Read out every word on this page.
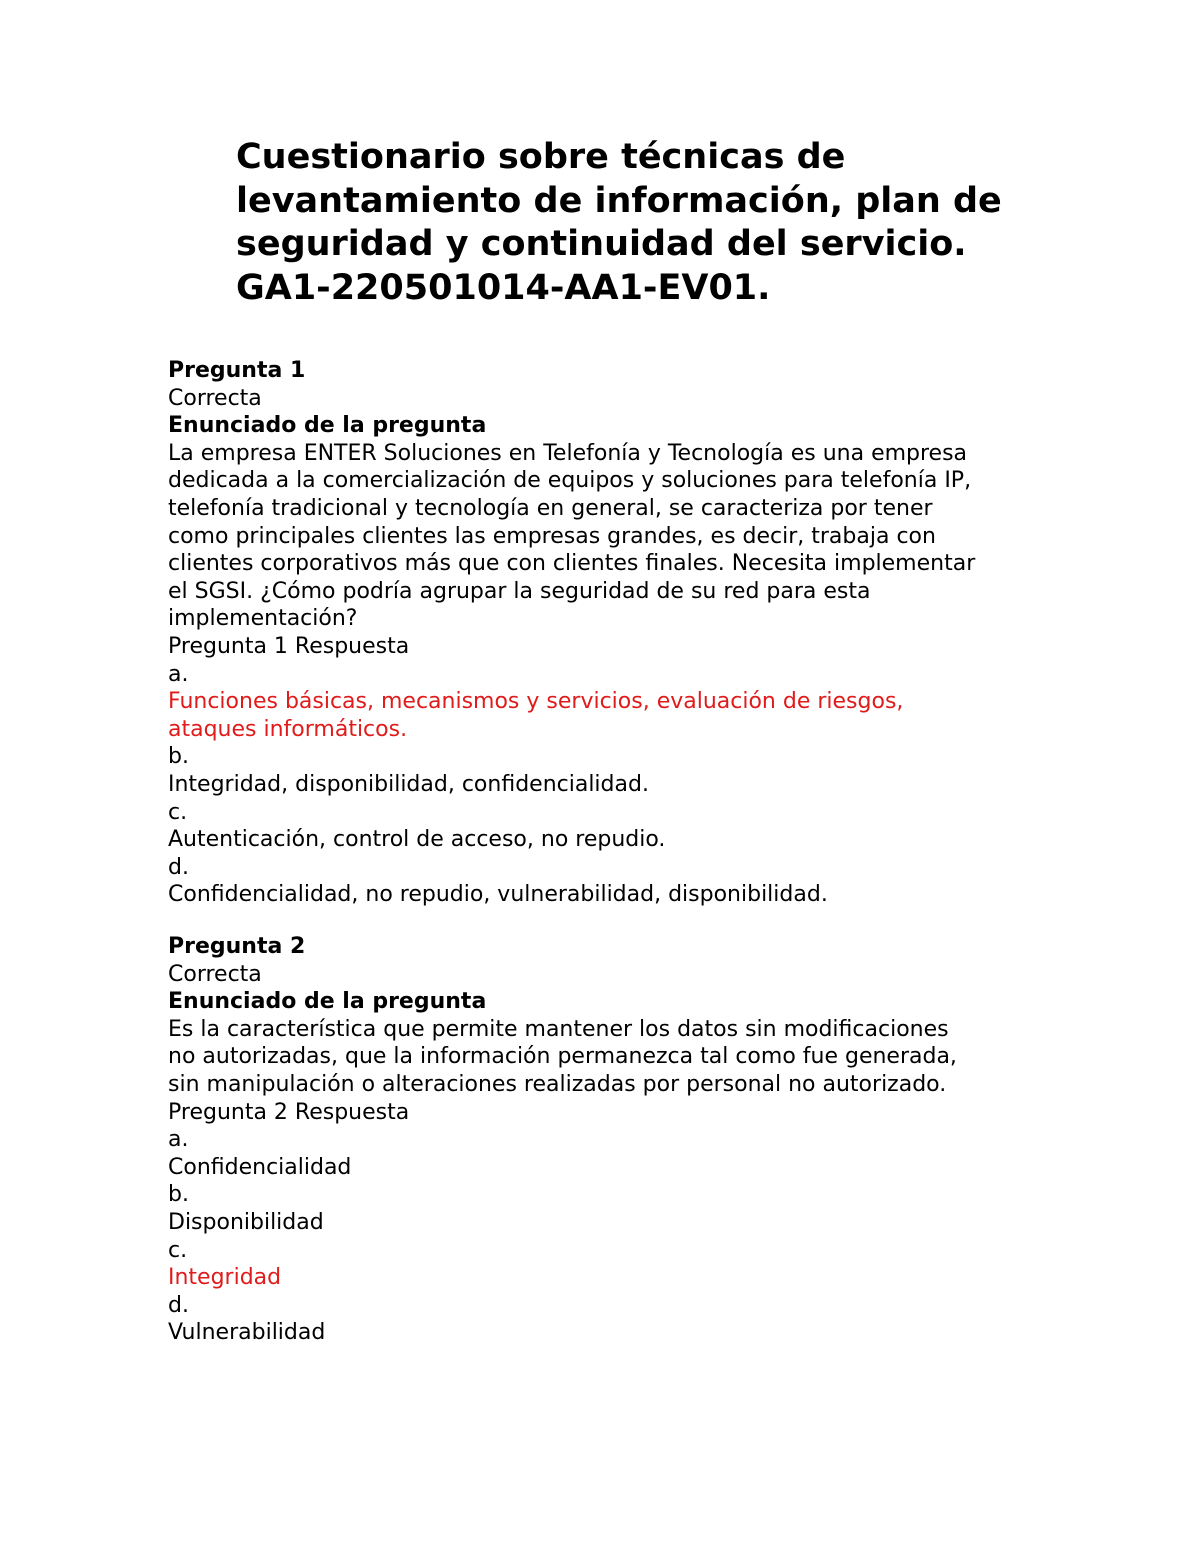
Cuestionario sobre técnicas de
levantamiento de información, plan de
seguridad y continuidad del servicio.
GA1-220501014-AA1-EV01.
Pregunta 1
Correcta
Enunciado de la pregunta
La empresa ENTER Soluciones en Telefonía y Tecnología es una empresa
dedicada a la comercialización de equipos y soluciones para telefonía IP,
telefonía tradicional y tecnología en general, se caracteriza por tener
como principales clientes las empresas grandes, es decir, trabaja con
clientes corporativos más que con clientes finales. Necesita implementar
el SGSI. ¿Cómo podría agrupar la seguridad de su red para esta
implementación?
Pregunta 1 Respuesta
a.
Funciones básicas, mecanismos y servicios, evaluación de riesgos,
ataques informáticos.
b.
Integridad, disponibilidad, confidencialidad.
c.
Autenticación, control de acceso, no repudio.
d.
Confidencialidad, no repudio, vulnerabilidad, disponibilidad.
Pregunta 2
Correcta
Enunciado de la pregunta
Es la característica que permite mantener los datos sin modificaciones
no autorizadas, que la información permanezca tal como fue generada,
sin manipulación o alteraciones realizadas por personal no autorizado.
Pregunta 2 Respuesta
a.
Confidencialidad
b.
Disponibilidad
c.
Integridad
d.
Vulnerabilidad
